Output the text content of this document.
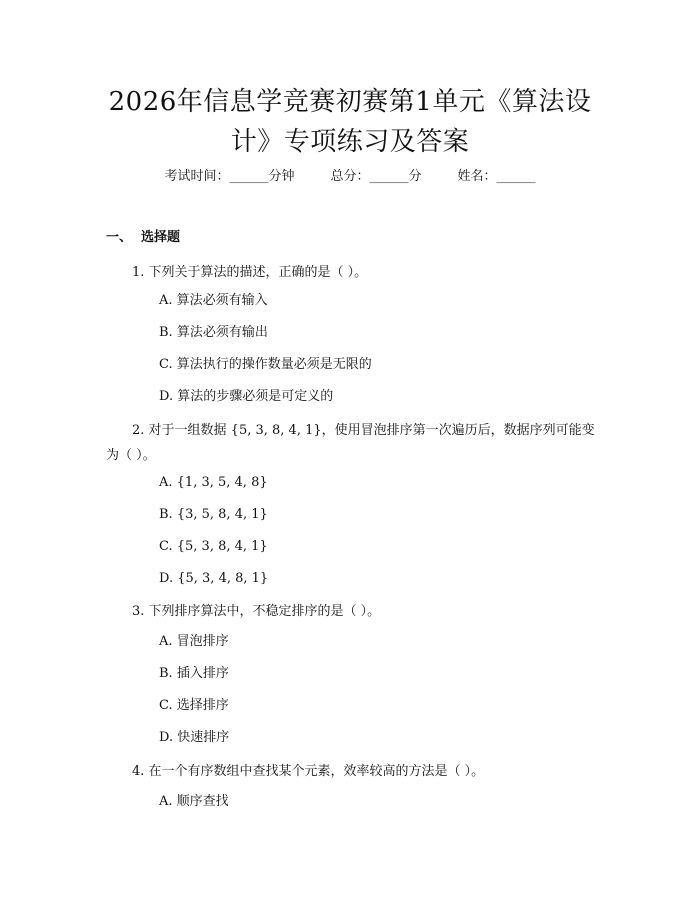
2026年信息学竞赛初赛第1单元《算法设
计》专项练习及答案
考试时间：______分钟	总分：______分	姓名：______
一、 选择题
1. 下列关于算法的描述，正确的是（ ）。
A. 算法必须有输入
B. 算法必须有输出
C. 算法执行的操作数量必须是无限的
D. 算法的步骤必须是可定义的
2. 对于一组数据 {5, 3, 8, 4, 1}，使用冒泡排序第一次遍历后，数据序列可能变为（ ）。
A. {1, 3, 5, 4, 8}
B. {3, 5, 8, 4, 1}
C. {5, 3, 8, 4, 1}
D. {5, 3, 4, 8, 1}
3. 下列排序算法中，不稳定排序的是（ ）。
A. 冒泡排序
B. 插入排序
C. 选择排序
D. 快速排序
4. 在一个有序数组中查找某个元素，效率较高的方法是（ ）。
A. 顺序查找
